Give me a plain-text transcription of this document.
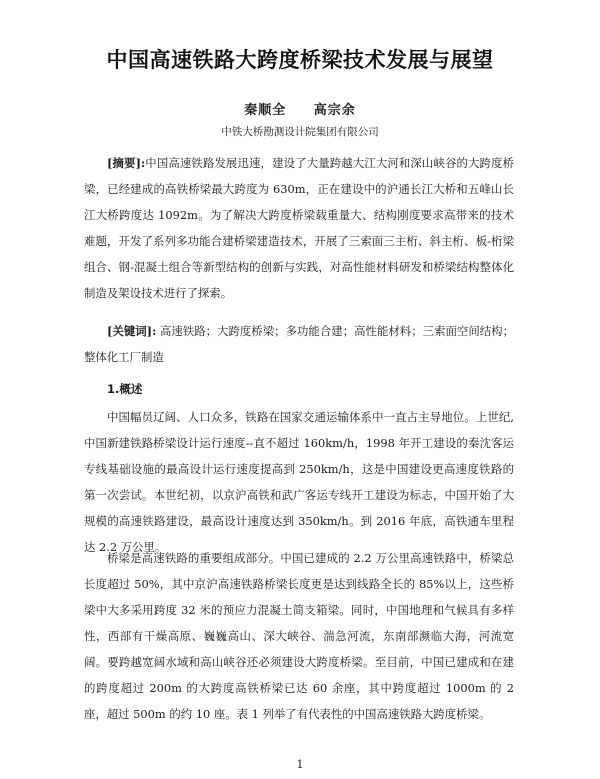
中国高速铁路大跨度桥梁技术发展与展望
秦顺全 高宗余
中铁大桥勘测设计院集团有限公司
[摘要]:中国高速铁路发展迅速，建设了大量跨越大江大河和深山峡谷的大跨度桥梁，已经建成的高铁桥梁最大跨度为 630m，正在建设中的沪通长江大桥和五峰山长江大桥跨度达 1092m。为了解决大跨度桥梁载重量大、结构刚度要求高带来的技术难题，开发了系列多功能合建桥梁建造技术，开展了三索面三主桁、斜主桁、板-桁梁组合、钢-混凝土组合等新型结构的创新与实践，对高性能材料研发和桥梁结构整体化制造及架设技术进行了探索。
[关键词]: 高速铁路；大跨度桥梁；多功能合建；高性能材料；三索面空间结构；整体化工厂制造
1.概述
中国幅员辽阔、人口众多，铁路在国家交通运输体系中一直占主导地位。上世纪,中国新建铁路桥梁设计运行速度--直不超过 160km/h，1998 年开工建设的秦沈客运专线基础设施的最高设计运行速度提高到 250km/h，这是中国建设更高速度铁路的第一次尝试。本世纪初，以京沪高铁和武广客运专线开工建设为标志，中国开始了大规模的高速铁路建设，最高设计速度达到 350km/h。到 2016 年底，高铁通车里程达 2.2 万公里。
桥梁是高速铁路的重要组成部分。中国已建成的 2.2 万公里高速铁路中，桥梁总长度超过 50%，其中京沪高速铁路桥梁长度更是达到线路全长的 85%以上，这些桥梁中大多采用跨度 32 米的预应力混凝土简支箱梁。同时，中国地理和气候具有多样性，西部有干燥高原、巍巍高山、深大峡谷、湍急河流，东南部濒临大海，河流宽阔。要跨越宽阔水域和高山峡谷还必须建设大跨度桥梁。至目前，中国已建成和在建的跨度超过 200m 的大跨度高铁桥梁已达 60 余座，其中跨度超过 1000m 的 2 座，超过 500m 的约 10 座。表 1 列举了有代表性的中国高速铁路大跨度桥梁。
1
